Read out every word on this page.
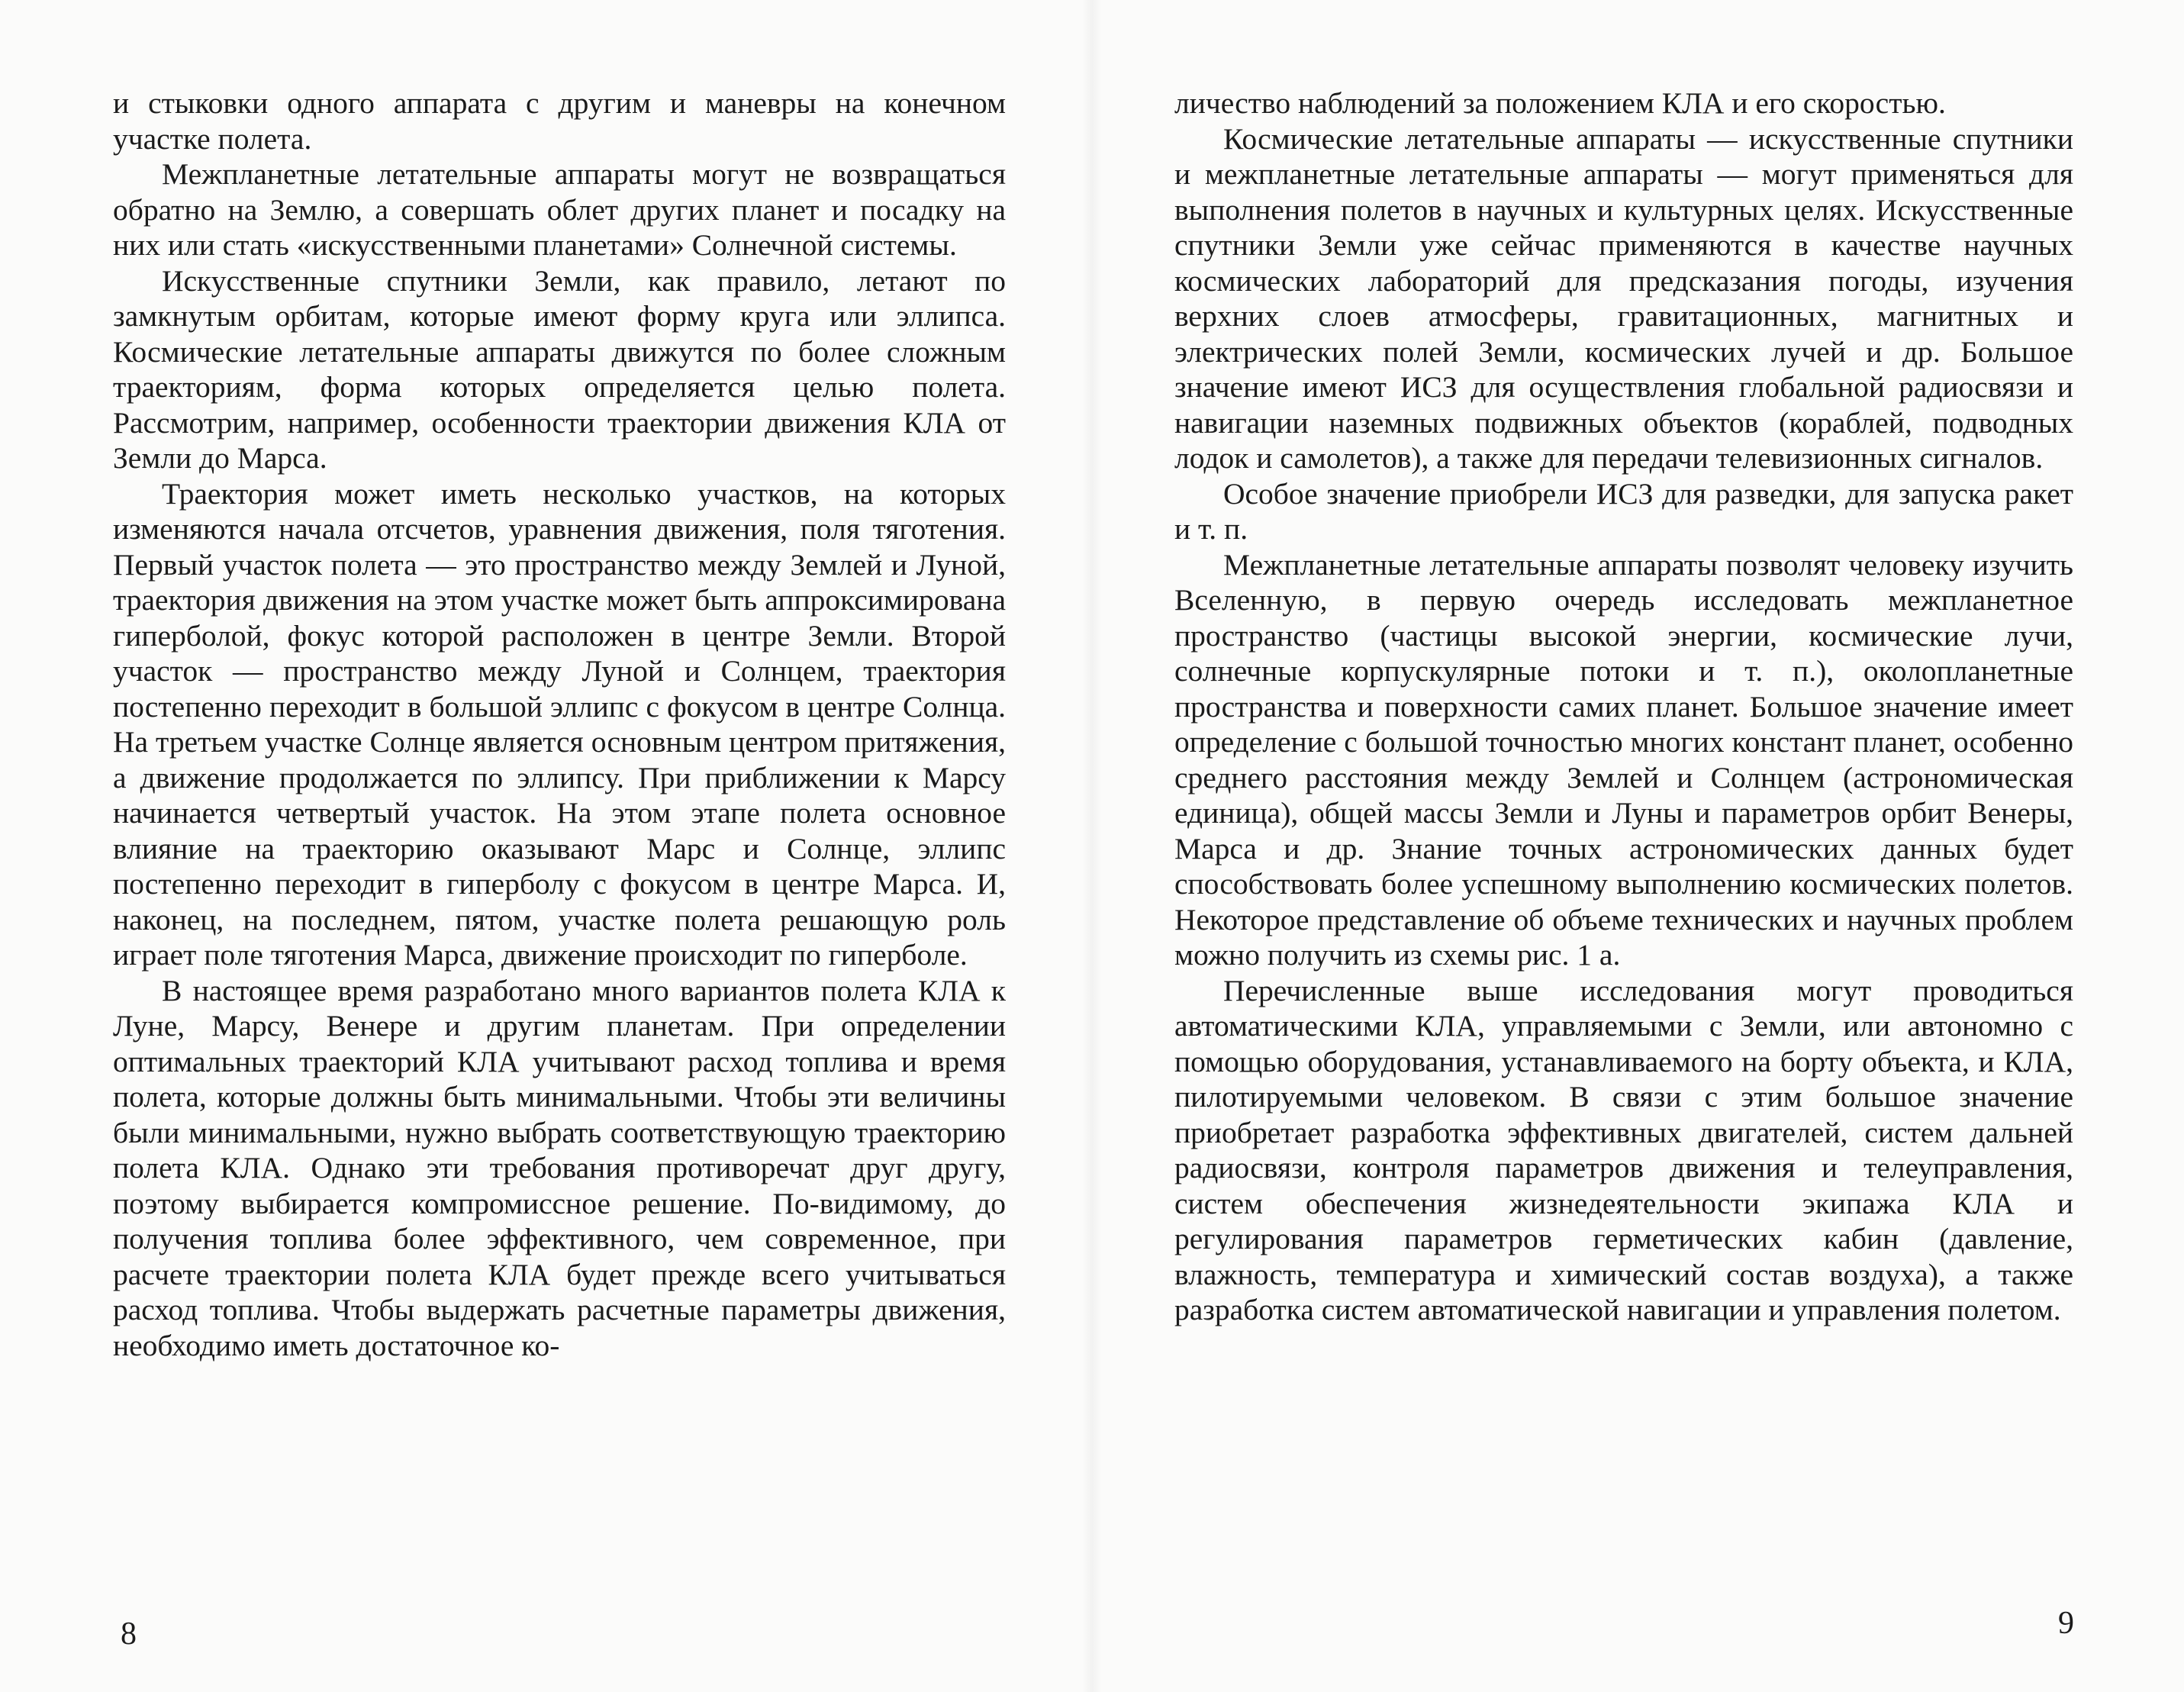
и стыковки одного аппарата с другим и маневры на конечном участке полета.

Межпланетные летательные аппараты могут не возвращаться обратно на Землю, а совершать облет других планет и посадку на них или стать «искусственными планетами» Солнечной системы.

Искусственные спутники Земли, как правило, летают по замкнутым орбитам, которые имеют форму круга или эллипса. Космические летательные аппараты движутся по более сложным траекториям, форма которых определяется целью полета. Рассмотрим, например, особенности траектории движения КЛА от Земли до Марса.

Траектория может иметь несколько участков, на которых изменяются начала отсчетов, уравнения движения, поля тяготения. Первый участок полета — это пространство между Землей и Луной, траектория движения на этом участке может быть аппроксимирована гиперболой, фокус которой расположен в центре Земли. Второй участок — пространство между Луной и Солнцем, траектория постепенно переходит в большой эллипс с фокусом в центре Солнца. На третьем участке Солнце является основным центром притяжения, а движение продолжается по эллипсу. При приближении к Марсу начинается четвертый участок. На этом этапе полета основное влияние на траекторию оказывают Марс и Солнце, эллипс постепенно переходит в гиперболу с фокусом в центре Марса. И, наконец, на последнем, пятом, участке полета решающую роль играет поле тяготения Марса, движение происходит по гиперболе.

В настоящее время разработано много вариантов полета КЛА к Луне, Марсу, Венере и другим планетам. При определении оптимальных траекторий КЛА учитывают расход топлива и время полета, которые должны быть минимальными. Чтобы эти величины были минимальными, нужно выбрать соответствующую траекторию полета КЛА. Однако эти требования противоречат друг другу, поэтому выбирается компромиссное решение. По-видимому, до получения топлива более эффективного, чем современное, при расчете траектории полета КЛА будет прежде всего учитываться расход топлива. Чтобы выдержать расчетные параметры движения, необходимо иметь достаточное ко-

8

личество наблюдений за положением КЛА и его скоростью.

Космические летательные аппараты — искусственные спутники и межпланетные летательные аппараты — могут применяться для выполнения полетов в научных и культурных целях. Искусственные спутники Земли уже сейчас применяются в качестве научных космических лабораторий для предсказания погоды, изучения верхних слоев атмосферы, гравитационных, магнитных и электрических полей Земли, космических лучей и др. Большое значение имеют ИСЗ для осуществления глобальной радиосвязи и навигации наземных подвижных объектов (кораблей, подводных лодок и самолетов), а также для передачи телевизионных сигналов.

Особое значение приобрели ИСЗ для разведки, для запуска ракет и т. п.

Межпланетные летательные аппараты позволят человеку изучить Вселенную, в первую очередь исследовать межпланетное пространство (частицы высокой энергии, космические лучи, солнечные корпускулярные потоки и т. п.), околопланетные пространства и поверхности самих планет. Большое значение имеет определение с большой точностью многих констант планет, особенно среднего расстояния между Землей и Солнцем (астрономическая единица), общей массы Земли и Луны и параметров орбит Венеры, Марса и др. Знание точных астрономических данных будет способствовать более успешному выполнению космических полетов. Некоторое представление об объеме технических и научных проблем можно получить из схемы рис. 1 а.

Перечисленные выше исследования могут проводиться автоматическими КЛА, управляемыми с Земли, или автономно с помощью оборудования, устанавливаемого на борту объекта, и КЛА, пилотируемыми человеком. В связи с этим большое значение приобретает разработка эффективных двигателей, систем дальней радиосвязи, контроля параметров движения и телеуправления, систем обеспечения жизнедеятельности экипажа КЛА и регулирования параметров герметических кабин (давление, влажность, температура и химический состав воздуха), а также разработка систем автоматической навигации и управления полетом.

9
